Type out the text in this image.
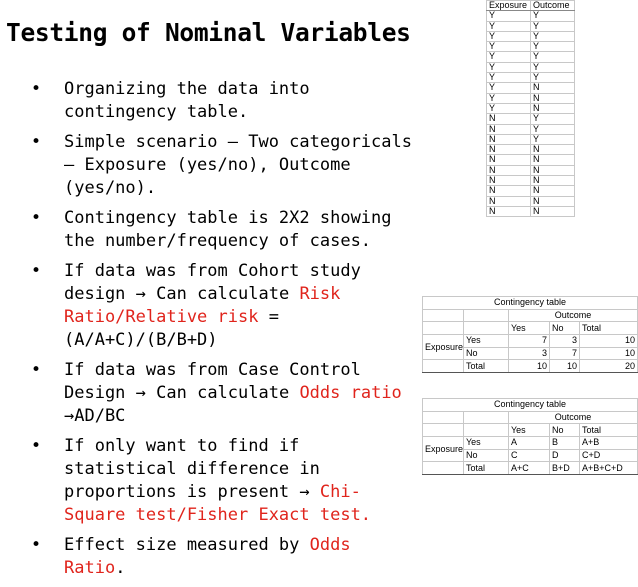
Testing of Nominal Variables
• Organizing the data into contingency table.
• Simple scenario – Two categoricals – Exposure (yes/no), Outcome (yes/no).
• Contingency table is 2X2 showing the number/frequency of cases.
• If data was from Cohort study design → Can calculate Risk Ratio/Relative risk = (A/A+C)/(B/B+D)
• If data was from Case Control Design → Can calculate Odds ratio →AD/BC
• If only want to find if statistical difference in proportions is present → Chi-Square test/Fisher Exact test.
• Effect size measured by Odds Ratio.
Exposure	Outcome
Y	Y
Y	Y
Y	Y
Y	Y
Y	Y
Y	Y
Y	Y
Y	N
Y	N
Y	N
N	Y
N	Y
N	Y
N	N
N	N
N	N
N	N
N	N
N	N
N	N
Contingency table				
		Outcome		
		Yes	No	Total
Exposure	Yes	7	3	10
	No	3	7	10
	Total	10	10	20
Contingency table				
		Outcome		
		Yes	No	Total
Exposure	Yes	A	B	A+B
	No	C	D	C+D
	Total	A+C	B+D	A+B+C+D
